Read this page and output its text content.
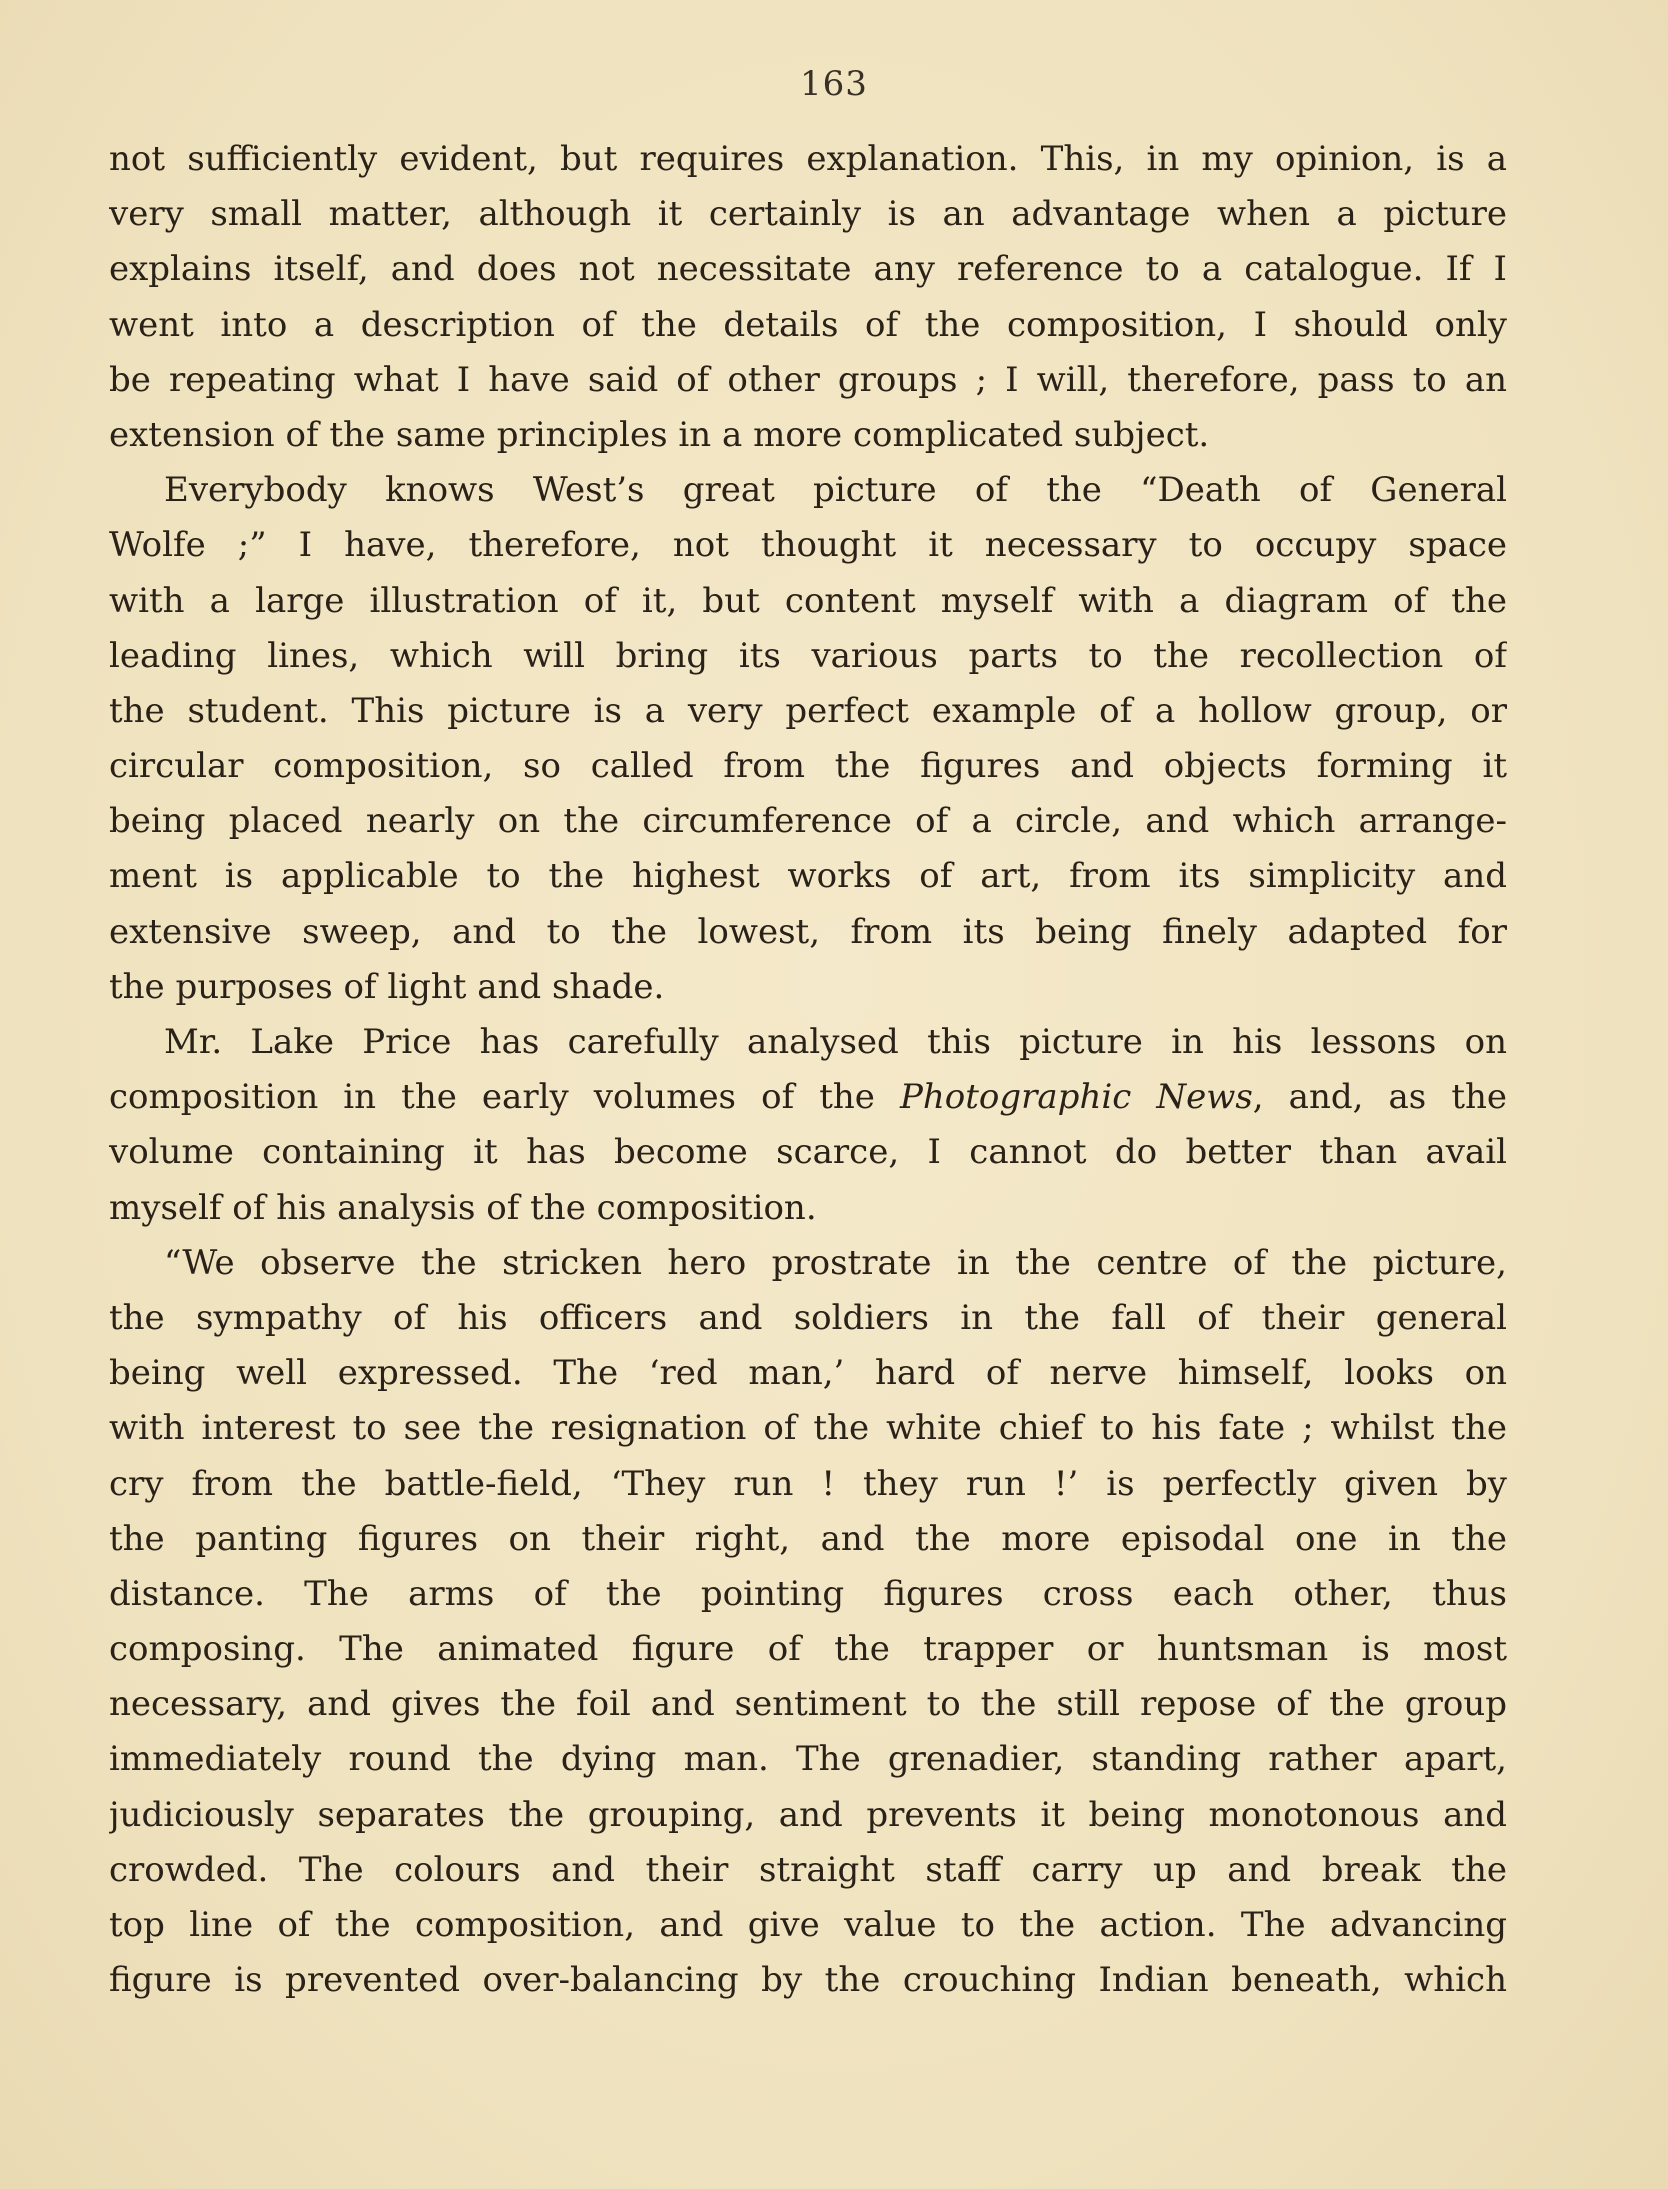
163
not sufficiently evident, but requires explanation. This, in my opinion, is a
very small matter, although it certainly is an advantage when a picture
explains itself, and does not necessitate any reference to a catalogue. If I
went into a description of the details of the composition, I should only
be repeating what I have said of other groups ; I will, therefore, pass to an
extension of the same principles in a more complicated subject.
Everybody knows West’s great picture of the “Death of General
Wolfe ;” I have, therefore, not thought it necessary to occupy space
with a large illustration of it, but content myself with a diagram of the
leading lines, which will bring its various parts to the recollection of
the student. This picture is a very perfect example of a hollow group, or
circular composition, so called from the figures and objects forming it
being placed nearly on the circumference of a circle, and which arrange-
ment is applicable to the highest works of art, from its simplicity and
extensive sweep, and to the lowest, from its being finely adapted for
the purposes of light and shade.
Mr. Lake Price has carefully analysed this picture in his lessons on
composition in the early volumes of the Photographic News, and, as the
volume containing it has become scarce, I cannot do better than avail
myself of his analysis of the composition.
“We observe the stricken hero prostrate in the centre of the picture,
the sympathy of his officers and soldiers in the fall of their general
being well expressed. The ‘red man,’ hard of nerve himself, looks on
with interest to see the resignation of the white chief to his fate ; whilst the
cry from the battle-field, ‘They run ! they run !’ is perfectly given by
the panting figures on their right, and the more episodal one in the
distance. The arms of the pointing figures cross each other, thus
composing. The animated figure of the trapper or huntsman is most
necessary, and gives the foil and sentiment to the still repose of the group
immediately round the dying man. The grenadier, standing rather apart,
judiciously separates the grouping, and prevents it being monotonous and
crowded. The colours and their straight staff carry up and break the
top line of the composition, and give value to the action. The advancing
figure is prevented over-balancing by the crouching Indian beneath, which
